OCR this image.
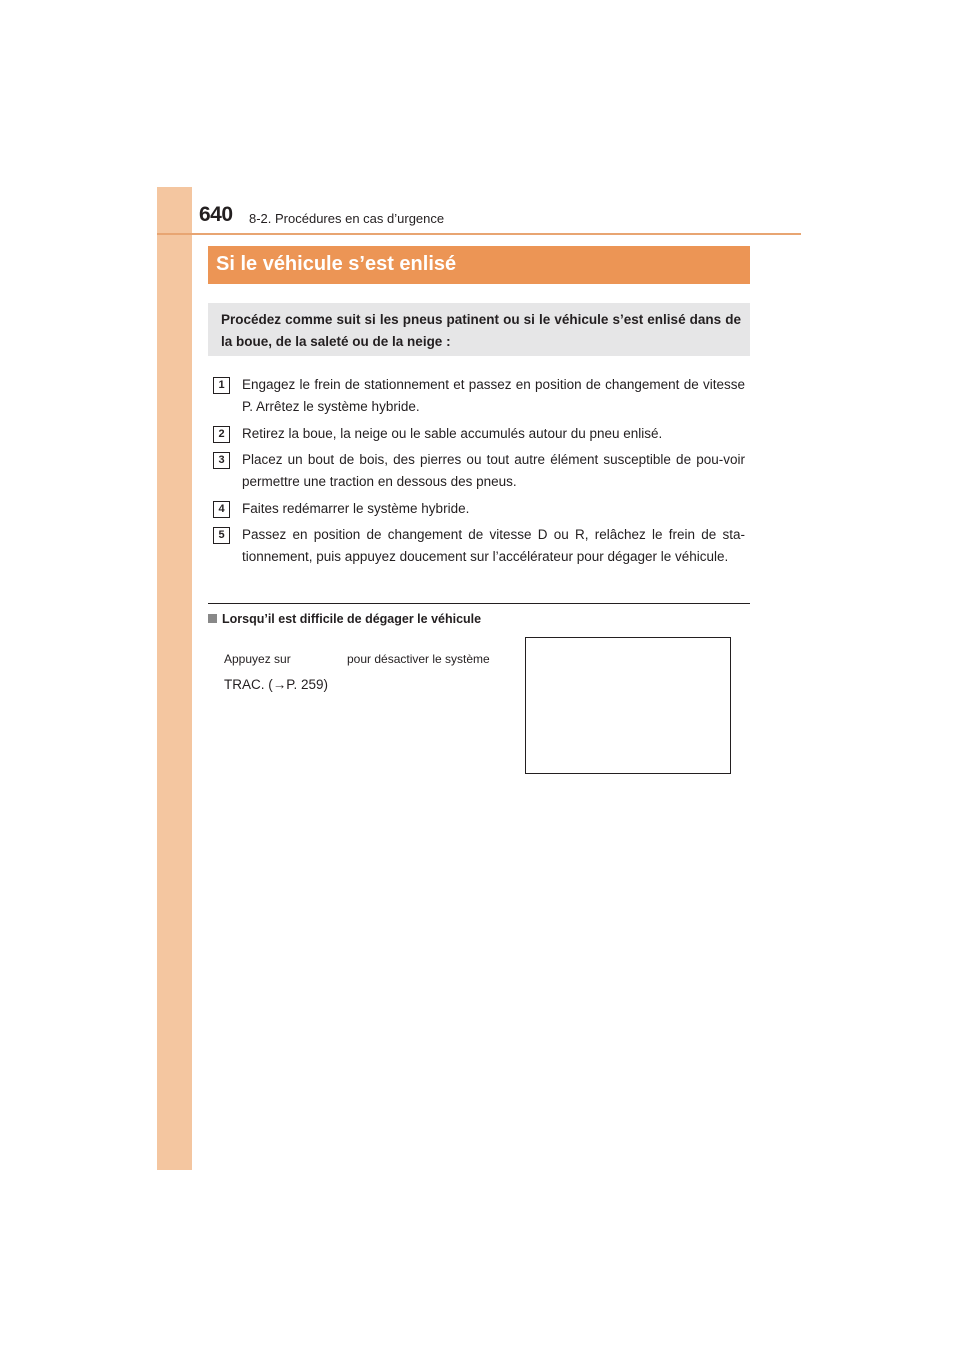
640 8-2. Procédures en cas d’urgence
Si le véhicule s’est enlisé
Procédez comme suit si les pneus patinent ou si le véhicule s’est enlisé dans de la boue, de la saleté ou de la neige :
1	Engagez le frein de stationnement et passez en position de changement de vitesse P. Arrêtez le système hybride.
2	Retirez la boue, la neige ou le sable accumulés autour du pneu enlisé.
3	Placez un bout de bois, des pierres ou tout autre élément susceptible de pou-voir permettre une traction en dessous des pneus.
4	Faites redémarrer le système hybride.
5	Passez en position de changement de vitesse D ou R, relâchez le frein de sta-tionnement, puis appuyez doucement sur l’accélérateur pour dégager le véhicule.
Lorsqu’il est difficile de dégager le véhicule
Appuyez sur	pour désactiver le système
TRAC. (→P. 259)
